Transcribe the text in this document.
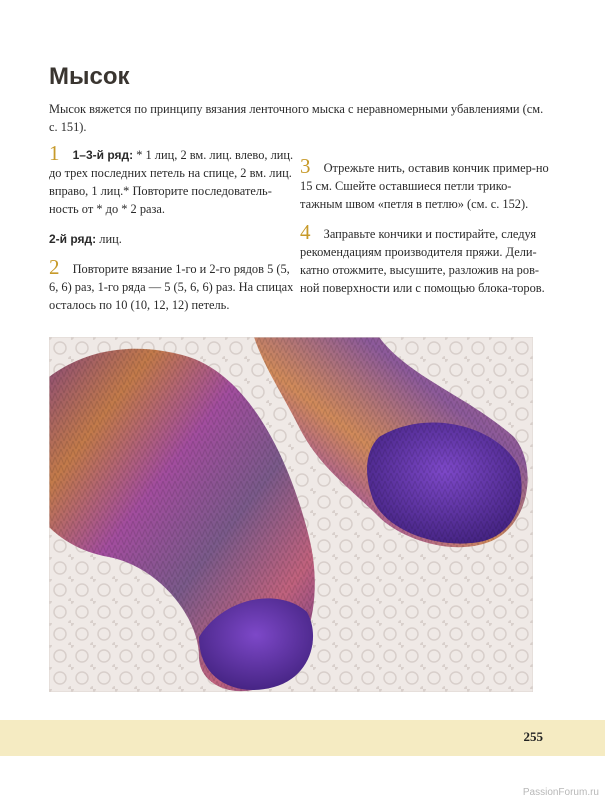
Мысок

Мысок вяжется по принципу вязания ленточного мыска с неравномерными убавлениями (см. с. 151).

1 1–3-й ряд: * 1 лиц, 2 вм. лиц. влево, лиц. до трех последних петель на спице, 2 вм. лиц. вправо, 1 лиц.* Повторите последователь-ность от * до * 2 раза.

2-й ряд: лиц.

2 Повторите вязание 1-го и 2-го рядов 5 (5, 6, 6) раз, 1-го ряда — 5 (5, 6, 6) раз. На спицах осталось по 10 (10, 12, 12) петель.

3 Отрежьте нить, оставив кончик пример-но 15 см. Сшейте оставшиеся петли трико-тажным швом «петля в петлю» (см. с. 152).

4 Заправьте кончики и постирайте, следуя рекомендациям производителя пряжи. Дели-катно отожмите, высушите, разложив на ров-ной поверхности или с помощью блока-торов.

255
PassionForum.ru
